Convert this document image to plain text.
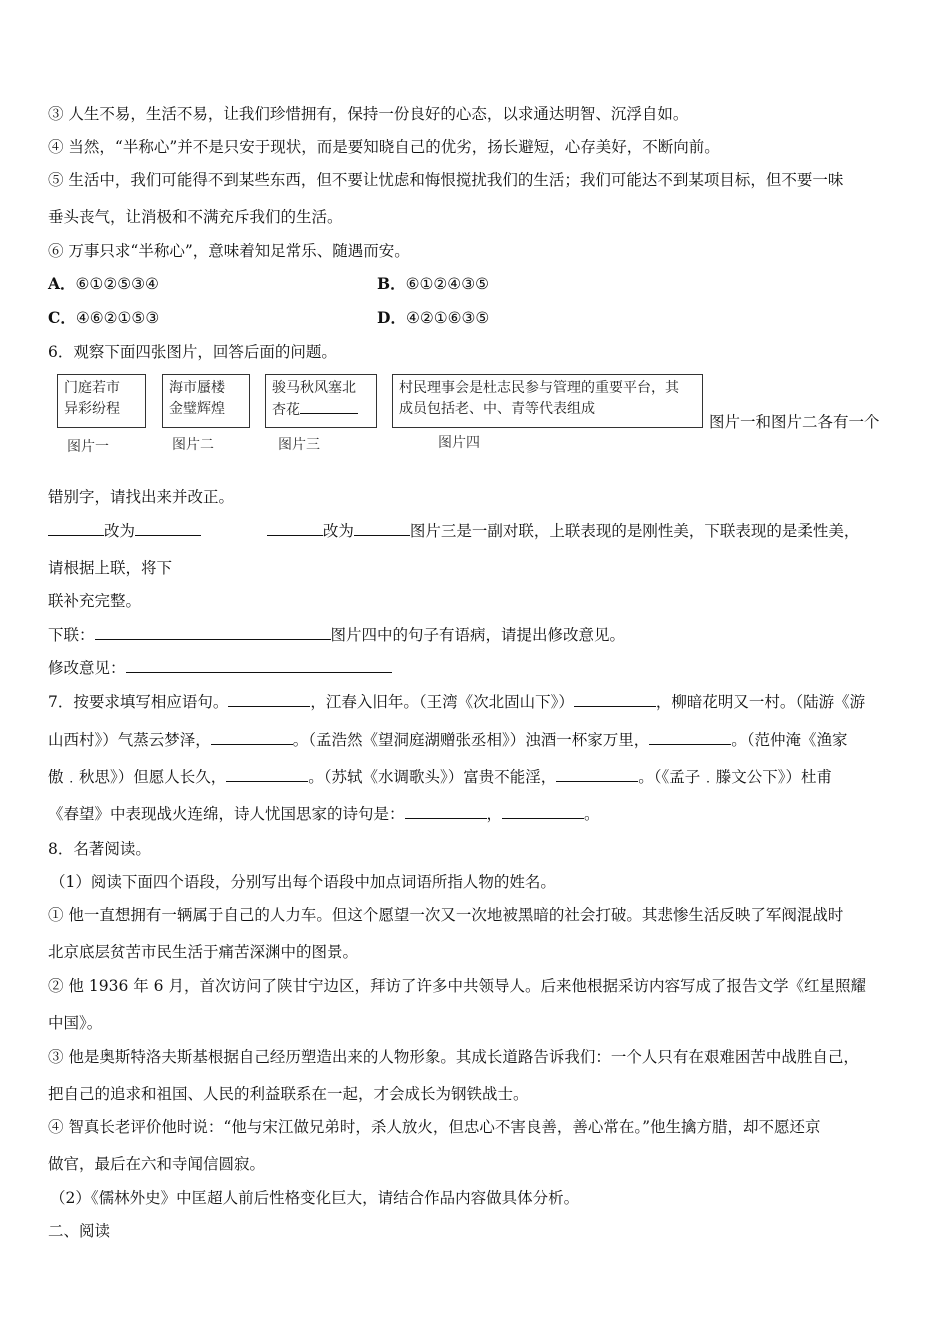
③ 人生不易，生活不易，让我们珍惜拥有，保持一份良好的心态，以求通达明智、沉浮自如。
④ 当然，“半称心”并不是只安于现状，而是要知晓自己的优劣，扬长避短，心存美好，不断向前。
⑤ 生活中，我们可能得不到某些东西，但不要让忧虑和悔恨搅扰我们的生活；我们可能达不到某项目标，但不要一味
垂头丧气，让消极和不满充斥我们的生活。
⑥ 万事只求“半称心”，意味着知足常乐、随遇而安。
A．⑥①②⑤③④	B．⑥①②④③⑤
C．④⑥②①⑤③	D．④②①⑥③⑤
6．观察下面四张图片，回答后面的问题。
门庭若市
异彩纷程
海市蜃楼
金璧辉煌
骏马秋风塞北
杏花
村民理事会是杜志民参与管理的重要平台，其
成员包括老、中、青等代表组成
图片一	图片二	图片三	图片四
图片一和图片二各有一个
错别字，请找出来并改正。
改为	改为	图片三是一副对联，上联表现的是刚性美，下联表现的是柔性美，
请根据上联，将下
联补充完整。
下联：	图片四中的句子有语病，请提出修改意见。
修改意见：
7．按要求填写相应语句。	，江春入旧年。（王湾《次北固山下》）	，柳暗花明又一村。（陆游《游
山西村》）气蒸云梦泽，	。（孟浩然《望洞庭湖赠张丞相》）浊酒一杯家万里，	。（范仲淹《渔家
傲﹒秋思》）但愿人长久，	。（苏轼《水调歌头》）富贵不能淫，	。（《孟子﹒滕文公下》）杜甫
《春望》中表现战火连绵，诗人忧国思家的诗句是：	，	。
8．名著阅读。
（1）阅读下面四个语段，分别写出每个语段中加点词语所指人物的姓名。
① 他一直想拥有一辆属于自己的人力车。但这个愿望一次又一次地被黑暗的社会打破。其悲惨生活反映了军阀混战时
北京底层贫苦市民生活于痛苦深渊中的图景。
② 他 1936 年 6 月，首次访问了陕甘宁边区，拜访了许多中共领导人。后来他根据采访内容写成了报告文学《红星照耀
中国》。
③ 他是奥斯特洛夫斯基根据自己经历塑造出来的人物形象。其成长道路告诉我们：一个人只有在艰难困苦中战胜自己，
把自己的追求和祖国、人民的利益联系在一起，才会成长为钢铁战士。
④ 智真长老评价他时说：“他与宋江做兄弟时，杀人放火，但忠心不害良善，善心常在。”他生擒方腊，却不愿还京
做官，最后在六和寺闻信圆寂。
（2）《儒林外史》中匡超人前后性格变化巨大，请结合作品内容做具体分析。
二、阅读
